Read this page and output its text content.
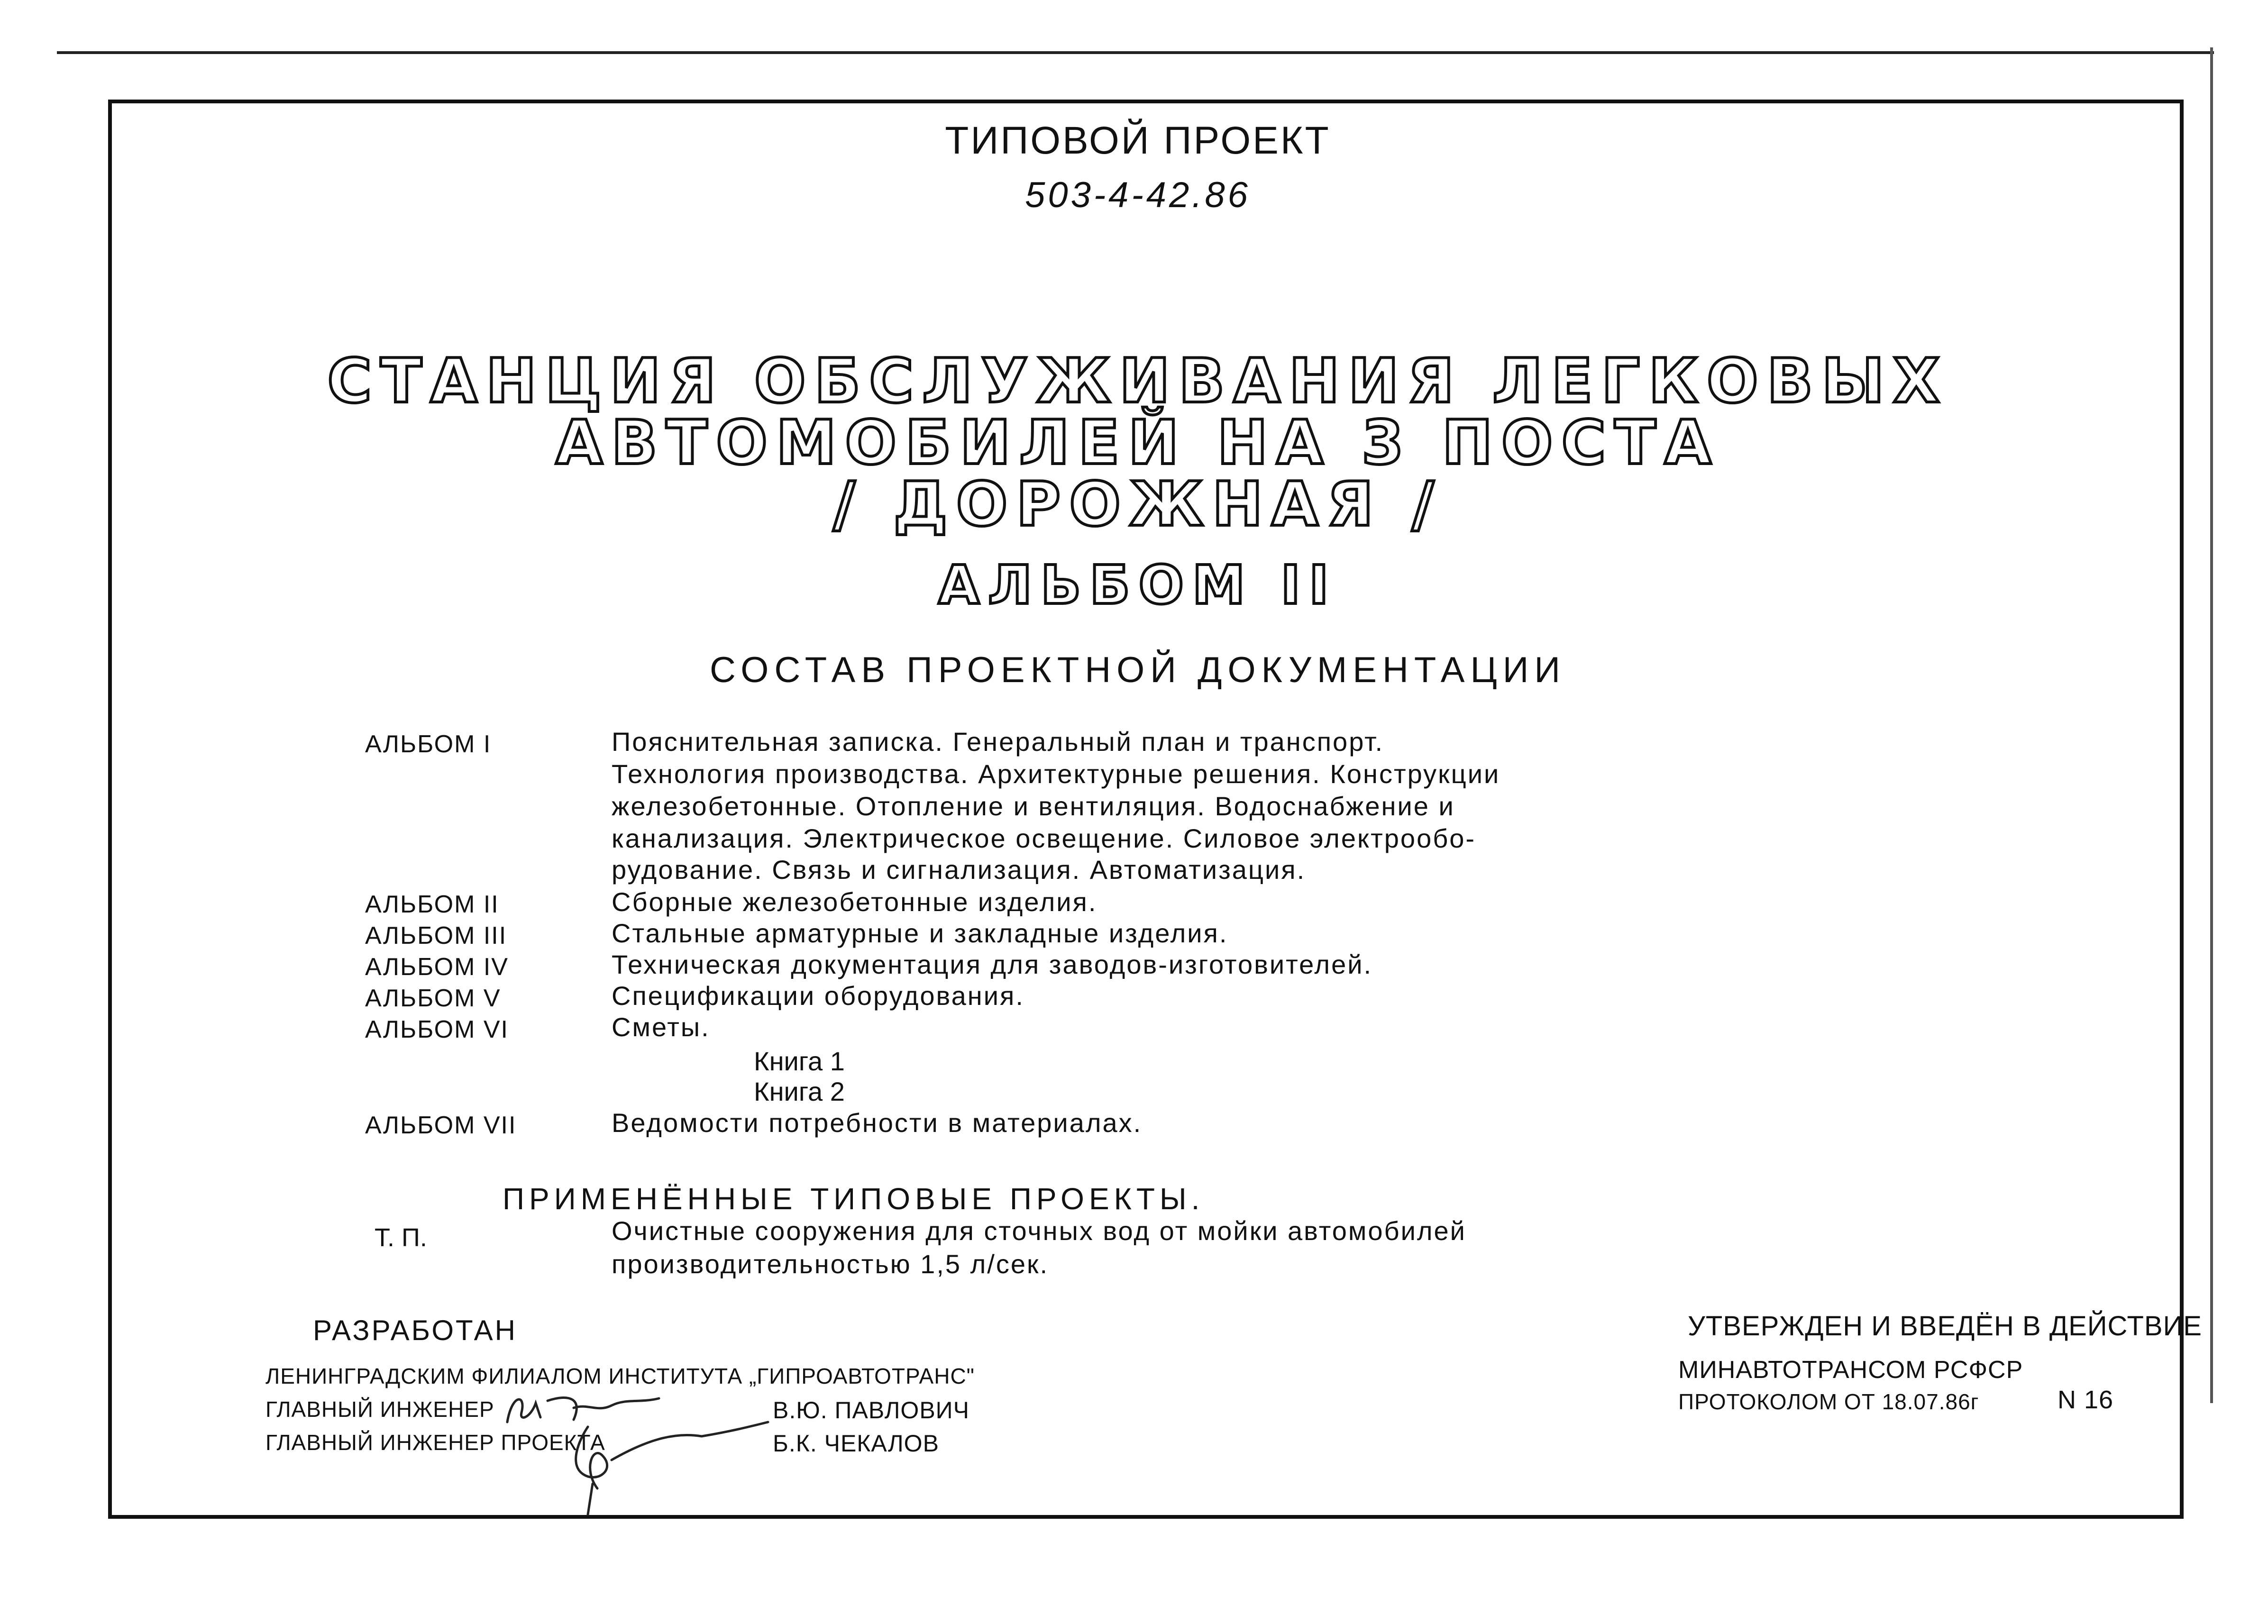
ТИПОВОЙ ПРОЕКТ
503-4-42.86
СТАНЦИЯ ОБСЛУЖИВАНИЯ ЛЕГКОВЫХ
АВТОМОБИЛЕЙ НА 3 ПОСТА
/ ДОРОЖНАЯ /
АЛЬБОМ II
СОСТАВ ПРОЕКТНОЙ ДОКУМЕНТАЦИИ
АЛЬБОМ I	Пояснительная записка. Генеральный план и транспорт.
Технология производства. Архитектурные решения. Конструкции
железобетонные. Отопление и вентиляция. Водоснабжение и
канализация. Электрическое освещение. Силовое электрообо-
рудование. Связь и сигнализация. Автоматизация.
АЛЬБОМ II	Сборные железобетонные изделия.
АЛЬБОМ III	Стальные арматурные и закладные изделия.
АЛЬБОМ IV	Техническая документация для заводов-изготовителей.
АЛЬБОМ V	Спецификации оборудования.
АЛЬБОМ VI	Сметы.
Книга 1
Книга 2
АЛЬБОМ VII	Ведомости потребности в материалах.
ПРИМЕНЁННЫЕ ТИПОВЫЕ ПРОЕКТЫ.
Т. П.	Очистные сооружения для сточных вод от мойки автомобилей
производительностью 1,5 л/сек.
РАЗРАБОТАН
ЛЕНИНГРАДСКИМ ФИЛИАЛОМ ИНСТИТУТА „ГИПРОАВТОТРАНС"
ГЛАВНЫЙ ИНЖЕНЕР	В.Ю. ПАВЛОВИЧ
ГЛАВНЫЙ ИНЖЕНЕР ПРОЕКТА	Б.К. ЧЕКАЛОВ
УТВЕРЖДЕН И ВВЕДЁН В ДЕЙСТВИЕ
МИНАВТОТРАНСОМ РСФСР
ПРОТОКОЛОМ ОТ 18.07.86г	N 16
